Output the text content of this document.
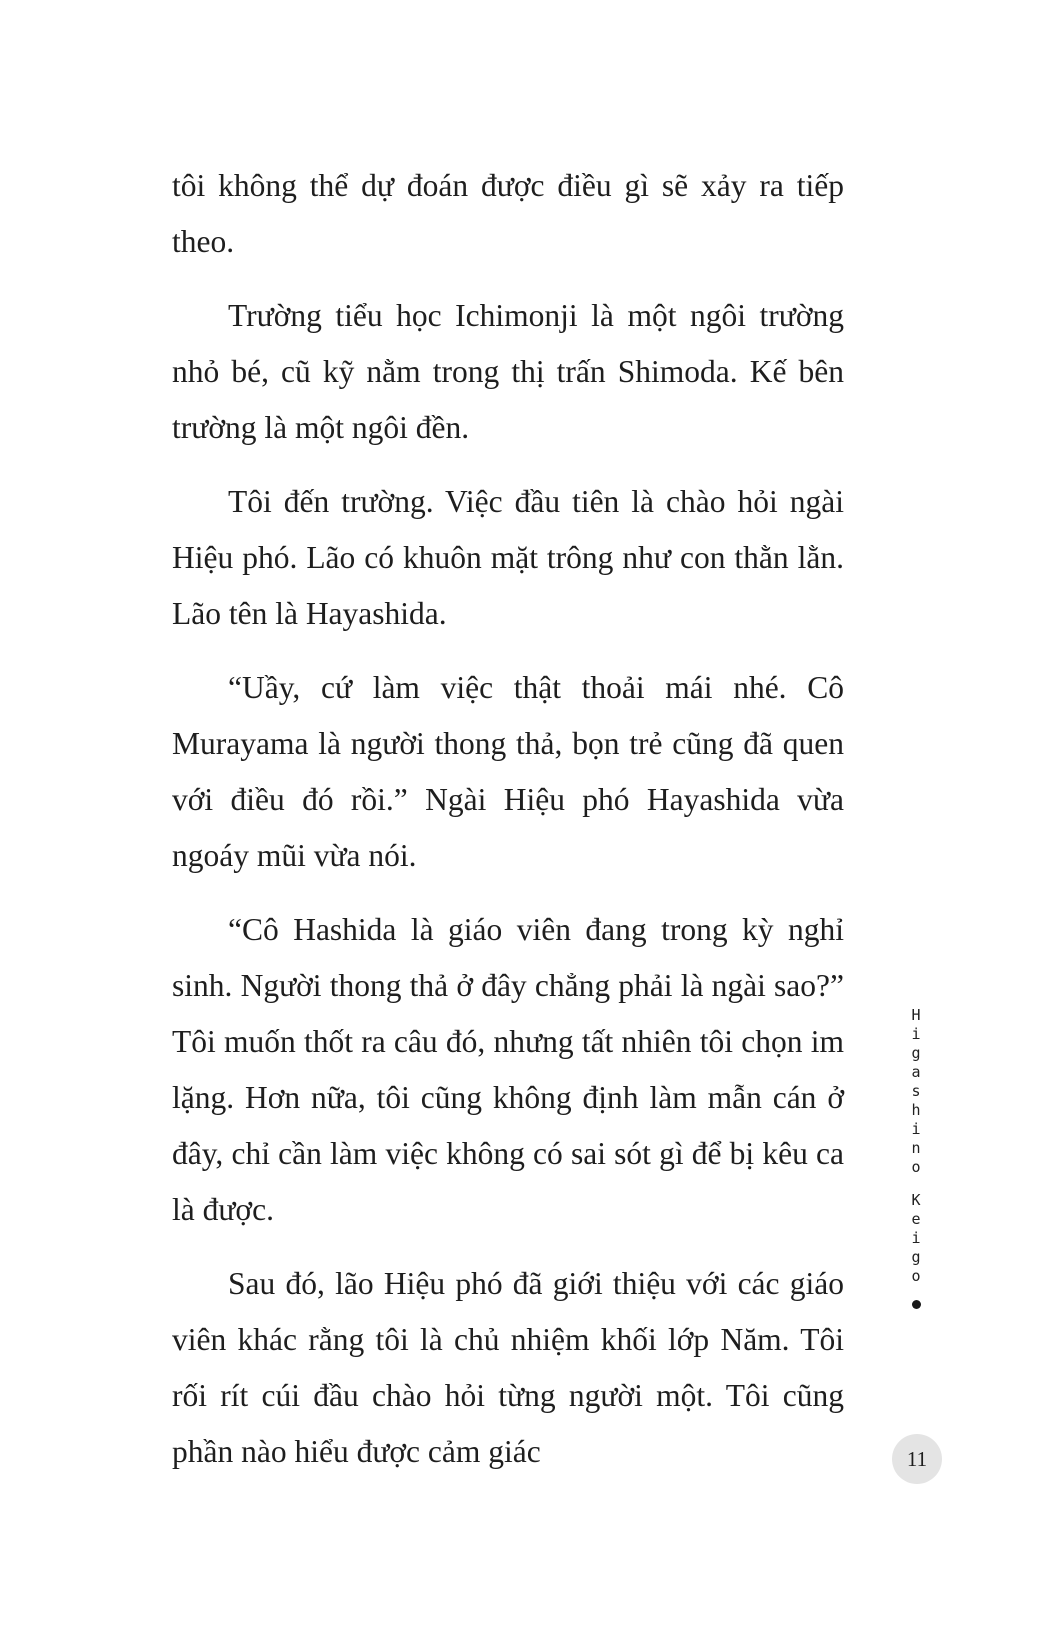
tôi không thể dự đoán được điều gì sẽ xảy ra tiếp theo.

Trường tiểu học Ichimonji là một ngôi trường nhỏ bé, cũ kỹ nằm trong thị trấn Shimoda. Kế bên trường là một ngôi đền.

Tôi đến trường. Việc đầu tiên là chào hỏi ngài Hiệu phó. Lão có khuôn mặt trông như con thằn lằn. Lão tên là Hayashida.

“Uầy, cứ làm việc thật thoải mái nhé. Cô Murayama là người thong thả, bọn trẻ cũng đã quen với điều đó rồi.” Ngài Hiệu phó Hayashida vừa ngoáy mũi vừa nói.

“Cô Hashida là giáo viên đang trong kỳ nghỉ sinh. Người thong thả ở đây chẳng phải là ngài sao?” Tôi muốn thốt ra câu đó, nhưng tất nhiên tôi chọn im lặng. Hơn nữa, tôi cũng không định làm mẫn cán ở đây, chỉ cần làm việc không có sai sót gì để bị kêu ca là được.

Sau đó, lão Hiệu phó đã giới thiệu với các giáo viên khác rằng tôi là chủ nhiệm khối lớp Năm. Tôi rối rít cúi đầu chào hỏi từng người một. Tôi cũng phần nào hiểu được cảm giác

H
i
g
a
s
h
i
n
o
K
e
i
g
o
11
